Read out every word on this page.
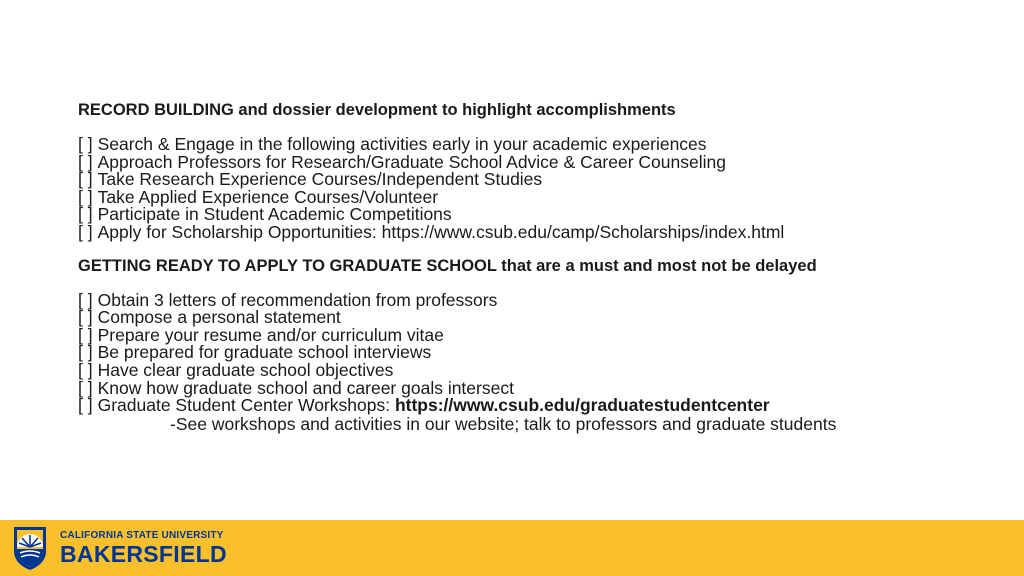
RECORD BUILDING and dossier development to highlight accomplishments
[ ] Search & Engage in the following activities early in your academic experiences
[ ] Approach Professors for Research/Graduate School Advice & Career Counseling
[ ] Take Research Experience Courses/Independent Studies
[ ] Take Applied Experience Courses/Volunteer
[ ] Participate in Student Academic Competitions
[ ] Apply for Scholarship Opportunities: https://www.csub.edu/camp/Scholarships/index.html
GETTING READY TO APPLY TO GRADUATE SCHOOL that are a must and most not be delayed
[ ] Obtain 3 letters of recommendation from professors
[ ] Compose a personal statement
[ ] Prepare your resume and/or curriculum vitae
[ ] Be prepared for graduate school interviews
[ ] Have clear graduate school objectives
[ ] Know how graduate school and career goals intersect
[ ] Graduate Student Center Workshops: https://www.csub.edu/graduatestudentcenter
-See workshops and activities in our website; talk to professors and graduate students
CALIFORNIA STATE UNIVERSITY
BAKERSFIELD
